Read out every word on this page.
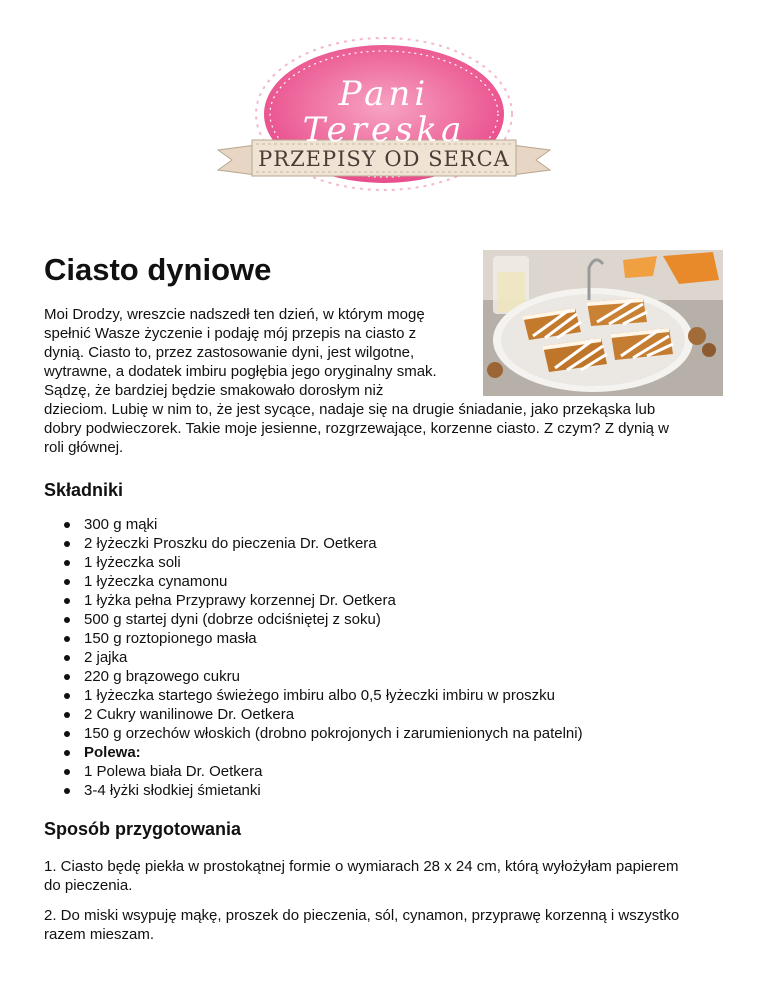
Pani
Tereska
PRZEPISY OD SERCA
Ciasto dyniowe

Moi Drodzy, wreszcie nadszedł ten dzień, w którym mogę
spełnić Wasze życzenie i podaję mój przepis na ciasto z
dynią. Ciasto to, przez zastosowanie dyni, jest wilgotne,
wytrawne, a dodatek imbiru pogłębia jego oryginalny smak.
Sądzę, że bardziej będzie smakowało dorosłym niż
dzieciom. Lubię w nim to, że jest sycące, nadaje się na drugie śniadanie, jako przekąska lub
dobry podwieczorek. Takie moje jesienne, rozgrzewające, korzenne ciasto. Z czym? Z dynią w
roli głównej.

Składniki
300 g mąki
2 łyżeczki Proszku do pieczenia Dr. Oetkera
1 łyżeczka soli
1 łyżeczka cynamonu
1 łyżka pełna Przyprawy korzennej Dr. Oetkera
500 g startej dyni (dobrze odciśniętej z soku)
150 g roztopionego masła
2 jajka
220 g brązowego cukru
1 łyżeczka startego świeżego imbiru albo 0,5 łyżeczki imbiru w proszku
2 Cukry wanilinowe Dr. Oetkera
150 g orzechów włoskich (drobno pokrojonych i zarumienionych na patelni)
Polewa:
1 Polewa biała Dr. Oetkera
3-4 łyżki słodkiej śmietanki
Sposób przygotowania

1. Ciasto będę piekła w prostokątnej formie o wymiarach 28 x 24 cm, którą wyłożyłam papierem
do pieczenia.

2. Do miski wsypuję mąkę, proszek do pieczenia, sól, cynamon, przyprawę korzenną i wszystko
razem mieszam.
